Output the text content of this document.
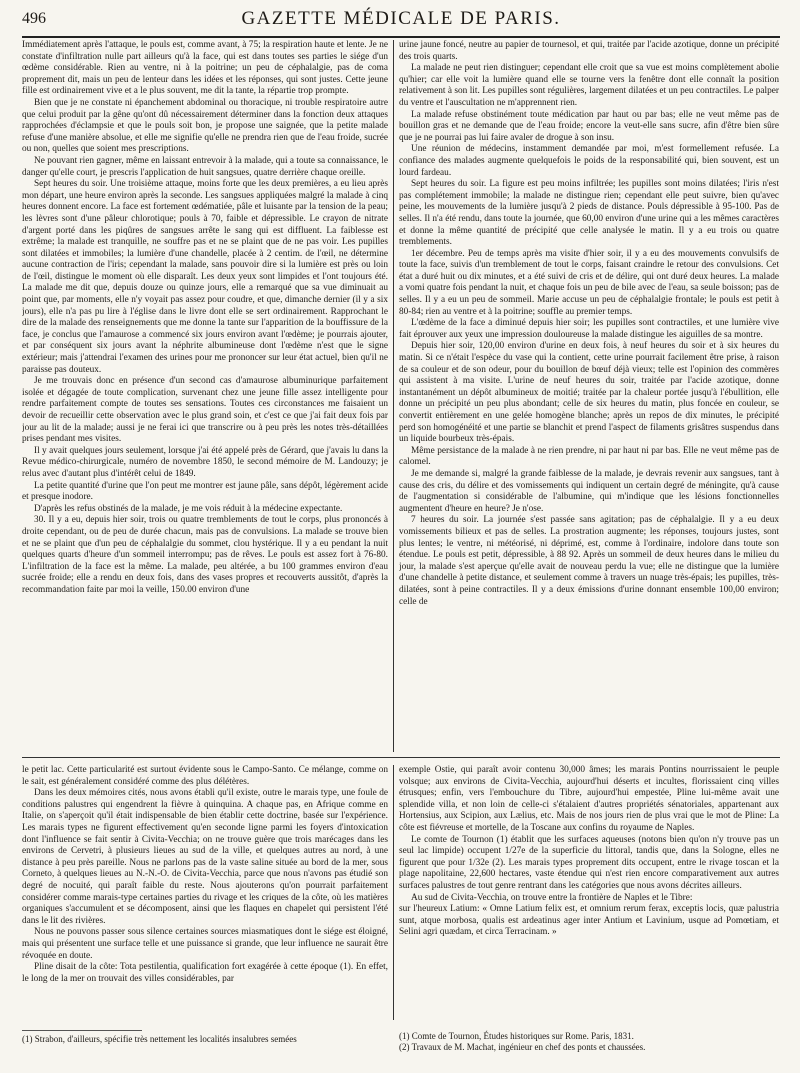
496	GAZETTE MÉDICALE DE PARIS.

Immédiatement après l'attaque, le pouls est, comme avant, à 75; la respiration haute et lente. Je ne constate d'infiltration nulle part ailleurs qu'à la face, qui est dans toutes ses parties le siége d'un œdème considérable. Rien au ventre, ni à la poitrine; un peu de céphalalgie, pas de coma proprement dit, mais un peu de lenteur dans les idées et les réponses, qui sont justes. Cette jeune fille est ordinairement vive et a le plus souvent, me dit la tante, la répartie trop prompte.

Bien que je ne constate ni épanchement abdominal ou thoracique, ni trouble respiratoire autre que celui produit par la gêne qu'ont dû nécessairement déterminer dans la fonction deux attaques rapprochées d'éclampsie et que le pouls soit bon, je propose une saignée, que la petite malade refuse d'une manière absolue, et elle me signifie qu'elle ne prendra rien que de l'eau froide, sucrée ou non, quelles que soient mes prescriptions.

Ne pouvant rien gagner, même en laissant entrevoir à la malade, qui a toute sa connaissance, le danger qu'elle court, je prescris l'application de huit sangsues, quatre derrière chaque oreille.

Sept heures du soir. Une troisième attaque, moins forte que les deux premières, a eu lieu après mon départ, une heure environ après la seconde. Les sangsues appliquées malgré la malade à cinq heures donnent encore. La face est fortement œdématiée, pâle et luisante par la tension de la peau; les lèvres sont d'une pâleur chlorotique; pouls à 70, faible et dépressible. Le crayon de nitrate d'argent porté dans les piqûres de sangsues arrête le sang qui est diffluent. La faiblesse est extrême; la malade est tranquille, ne souffre pas et ne se plaint que de ne pas voir. Les pupilles sont dilatées et immobiles; la lumière d'une chandelle, placée à 2 centim. de l'œil, ne détermine aucune contraction de l'iris; cependant la malade, sans pouvoir dire si la lumière est près ou loin de l'œil, distingue le moment où elle disparaît. Les deux yeux sont limpides et l'ont toujours été. La malade me dit que, depuis douze ou quinze jours, elle a remarqué que sa vue diminuait au point que, par moments, elle n'y voyait pas assez pour coudre, et que, dimanche dernier (il y a six jours), elle n'a pas pu lire à l'église dans le livre dont elle se sert ordinairement. Rapprochant le dire de la malade des renseignements que me donne la tante sur l'apparition de la bouffissure de la face, je conclus que l'amaurose a commencé six jours environ avant l'œdème; je pourrais ajouter, et par conséquent six jours avant la néphrite albumineuse dont l'œdème n'est que le signe extérieur; mais j'attendrai l'examen des urines pour me prononcer sur leur état actuel, bien qu'il ne paraisse pas douteux.

Je me trouvais donc en présence d'un second cas d'amaurose albuminurique parfaitement isolée et dégagée de toute complication, survenant chez une jeune fille assez intelligente pour rendre parfaitement compte de toutes ses sensations. Toutes ces circonstances me faisaient un devoir de recueillir cette observation avec le plus grand soin, et c'est ce que j'ai fait deux fois par jour au lit de la malade; aussi je ne ferai ici que transcrire ou à peu près les notes très-détaillées prises pendant mes visites.

Il y avait quelques jours seulement, lorsque j'ai été appelé près de Gérard, que j'avais lu dans la Revue médico-chirurgicale, numéro de novembre 1850, le second mémoire de M. Landouzy; je relus avec d'autant plus d'intérêt celui de 1849.

La petite quantité d'urine que l'on peut me montrer est jaune pâle, sans dépôt, légèrement acide et presque inodore.

D'après les refus obstinés de la malade, je me vois réduit à la médecine expectante.

30. Il y a eu, depuis hier soir, trois ou quatre tremblements de tout le corps, plus prononcés à droite cependant, ou de peu de durée chacun, mais pas de convulsions. La malade se trouve bien et ne se plaint que d'un peu de céphalalgie du sommet, clou hystérique. Il y a eu pendant la nuit quelques quarts d'heure d'un sommeil interrompu; pas de rêves. Le pouls est assez fort à 76-80. L'infiltration de la face est la même. La malade, peu altérée, a bu 100 grammes environ d'eau sucrée froide; elle a rendu en deux fois, dans des vases propres et recouverts aussitôt, d'après la recommandation faite par moi la veille, 150.00 environ d'une

urine jaune foncé, neutre au papier de tournesol, et qui, traitée par l'acide azotique, donne un précipité des trois quarts.

La malade ne peut rien distinguer; cependant elle croit que sa vue est moins complètement abolie qu'hier; car elle voit la lumière quand elle se tourne vers la fenêtre dont elle connaît la position relativement à son lit. Les pupilles sont régulières, largement dilatées et un peu contractiles. Le palper du ventre et l'auscultation ne m'apprennent rien.

La malade refuse obstinément toute médication par haut ou par bas; elle ne veut même pas de bouillon gras et ne demande que de l'eau froide; encore la veut-elle sans sucre, afin d'être bien sûre que je ne pourrai pas lui faire avaler de drogue à son insu.

Une réunion de médecins, instamment demandée par moi, m'est formellement refusée. La confiance des malades augmente quelquefois le poids de la responsabilité qui, bien souvent, est un lourd fardeau.

Sept heures du soir. La figure est peu moins infiltrée; les pupilles sont moins dilatées; l'iris n'est pas complétement immobile; la malade ne distingue rien; cependant elle peut suivre, bien qu'avec peine, les mouvements de la lumière jusqu'à 2 pieds de distance. Pouls dépressible à 95-100. Pas de selles. Il n'a été rendu, dans toute la journée, que 60,00 environ d'une urine qui a les mêmes caractères et donne la même quantité de précipité que celle analysée le matin. Il y a eu trois ou quatre tremblements.

1er décembre. Peu de temps après ma visite d'hier soir, il y a eu des mouvements convulsifs de toute la face, suivis d'un tremblement de tout le corps, faisant craindre le retour des convulsions. Cet état a duré huit ou dix minutes, et a été suivi de cris et de délire, qui ont duré deux heures. La malade a vomi quatre fois pendant la nuit, et chaque fois un peu de bile avec de l'eau, sa seule boisson; pas de selles. Il y a eu un peu de sommeil. Marie accuse un peu de céphalalgie frontale; le pouls est petit à 80-84; rien au ventre et à la poitrine; souffle au premier temps.

L'œdème de la face a diminué depuis hier soir; les pupilles sont contractiles, et une lumière vive fait éprouver aux yeux une impression douloureuse la malade distingue les aiguilles de sa montre.

Depuis hier soir, 120,00 environ d'urine en deux fois, à neuf heures du soir et à six heures du matin. Si ce n'était l'espèce du vase qui la contient, cette urine pourrait facilement être prise, à raison de sa couleur et de son odeur, pour du bouillon de bœuf déjà vieux; telle est l'opinion des commères qui assistent à ma visite. L'urine de neuf heures du soir, traitée par l'acide azotique, donne instantanément un dépôt albumineux de moitié; traitée par la chaleur portée jusqu'à l'ébullition, elle donne un précipité un peu plus abondant; celle de six heures du matin, plus foncée en couleur, se convertit entièrement en une gelée homogène blanche; après un repos de dix minutes, le précipité perd son homogénéité et une partie se blanchit et prend l'aspect de filaments grisâtres suspendus dans un liquide bourbeux très-épais.

Même persistance de la malade à ne rien prendre, ni par haut ni par bas. Elle ne veut même pas de calomel.

Je me demande si, malgré la grande faiblesse de la malade, je devrais revenir aux sangsues, tant à cause des cris, du délire et des vomissements qui indiquent un certain degré de méningite, qu'à cause de l'augmentation si considérable de l'albumine, qui m'indique que les lésions fonctionnelles augmentent d'heure en heure? Je n'ose.

7 heures du soir. La journée s'est passée sans agitation; pas de céphalalgie. Il y a eu deux vomissements bilieux et pas de selles. La prostration augmente; les réponses, toujours justes, sont plus lentes; le ventre, ni météorisé, ni déprimé, est, comme à l'ordinaire, indolore dans toute son étendue. Le pouls est petit, dépressible, à 88 92. Après un sommeil de deux heures dans le milieu du jour, la malade s'est aperçue qu'elle avait de nouveau perdu la vue; elle ne distingue que la lumière d'une chandelle à petite distance, et seulement comme à travers un nuage très-épais; les pupilles, très-dilatées, sont à peine contractiles. Il y a deux émissions d'urine donnant ensemble 100,00 environ; celle de

le petit lac. Cette particularité est surtout évidente sous le Campo-Santo. Ce mélange, comme on le sait, est généralement considéré comme des plus délétères.

Dans les deux mémoires cités, nous avons établi qu'il existe, outre le marais type, une foule de conditions palustres qui engendrent la fièvre à quinquina. A chaque pas, en Afrique comme en Italie, on s'aperçoit qu'il était indispensable de bien établir cette doctrine, basée sur l'expérience. Les marais types ne figurent effectivement qu'en seconde ligne parmi les foyers d'intoxication dont l'influence se fait sentir à Civita-Vecchia; on ne trouve guère que trois marécages dans les environs de Cervetri, à plusieurs lieues au sud de la ville, et quelques autres au nord, à une distance à peu près pareille. Nous ne parlons pas de la vaste saline située au bord de la mer, sous Corneto, à quelques lieues au N.-N.-O. de Civita-Vecchia, parce que nous n'avons pas étudié son degré de nocuité, qui paraît faible du reste. Nous ajouterons qu'on pourrait parfaitement considérer comme marais-type certaines parties du rivage et les criques de la côte, où les matières organiques s'accumulent et se décomposent, ainsi que les flaques en chapelet qui persistent l'été dans le lit des rivières.

Nous ne pouvons passer sous silence certaines sources miasmatiques dont le siége est éloigné, mais qui présentent une surface telle et une puissance si grande, que leur influence ne saurait être révoquée en doute.

Pline disait de la côte: Tota pestilentia, qualification fort exagérée à cette époque (1). En effet, le long de la mer on trouvait des villes considérables, par

exemple Ostie, qui paraît avoir contenu 30,000 âmes; les marais Pontins nourrissaient le peuple volsque; aux environs de Civita-Vecchia, aujourd'hui déserts et incultes, florissaient cinq villes étrusques; enfin, vers l'embouchure du Tibre, aujourd'hui empestée, Pline lui-même avait une splendide villa, et non loin de celle-ci s'étalaient d'autres propriétés sénatoriales, appartenant aux Hortensius, aux Scipion, aux Lælius, etc. Mais de nos jours rien de plus vrai que le mot de Pline: La côte est fiévreuse et mortelle, de la Toscane aux confins du royaume de Naples.

Le comte de Tournon (1) établit que les surfaces aqueuses (notons bien qu'on n'y trouve pas un seul lac limpide) occupent 1/27e de la superficie du littoral, tandis que, dans la Sologne, elles ne figurent que pour 1/32e (2). Les marais types proprement dits occupent, entre le rivage toscan et la plage napolitaine, 22,600 hectares, vaste étendue qui n'est rien encore comparativement aux autres surfaces palustres de tout genre rentrant dans les catégories que nous avons décrites ailleurs.

Au sud de Civita-Vecchia, on trouve entre la frontière de Naples et le Tibre:

sur l'heureux Latium: « Omne Latium felix est, et omnium rerum ferax, exceptis locis, quæ palustria sunt, atque morbosa, qualis est ardeatinus ager inter Antium et Lavinium, usque ad Pomœtiam, et Selini agri quædam, et circa Terracinam. »

(1) Strabon, d'ailleurs, spécifie très nettement les localités insalubres semées	(1) Comte de Tournon, Études historiques sur Rome. Paris, 1831.
(2) Travaux de M. Machat, ingénieur en chef des ponts et chaussées.
